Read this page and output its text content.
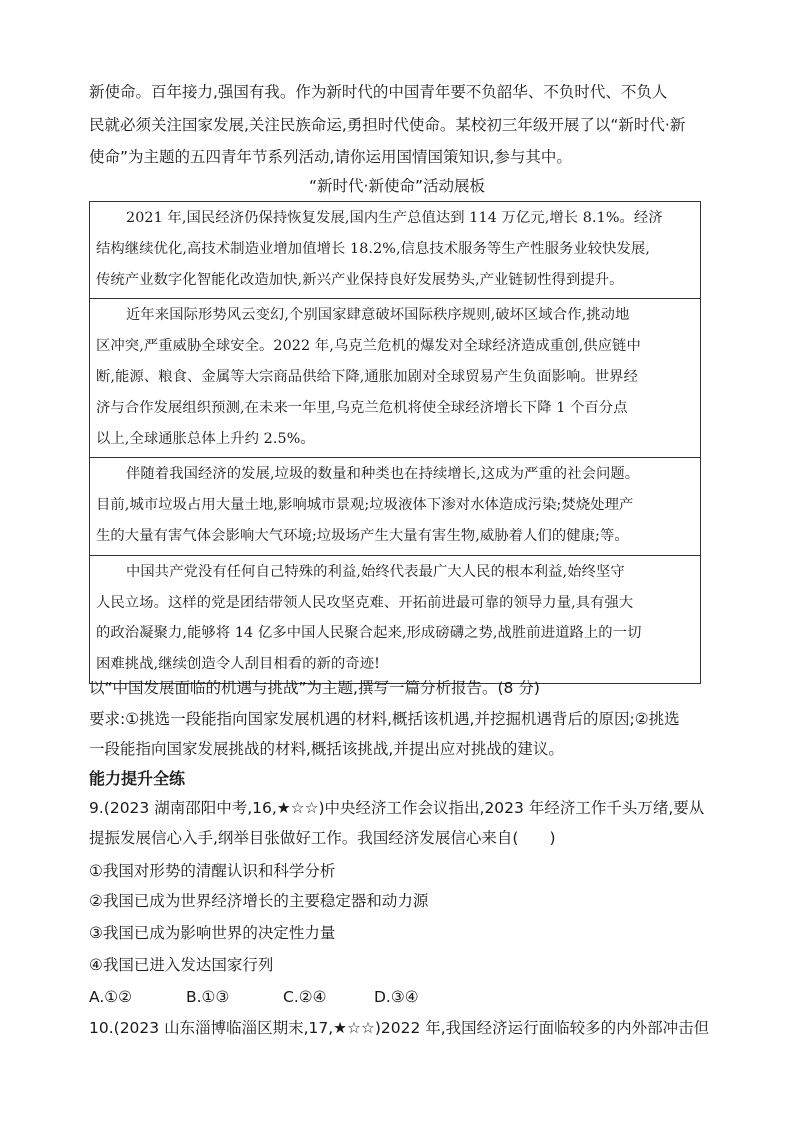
新使命。百年接力,强国有我。作为新时代的中国青年要不负韶华、不负时代、不负人
民就必须关注国家发展,关注民族命运,勇担时代使命。某校初三年级开展了以“新时代·新
使命”为主题的五四青年节系列活动,请你运用国情国策知识,参与其中。
“新时代·新使命”活动展板
2021 年,国民经济仍保持恢复发展,国内生产总值达到 114 万亿元,增长 8.1%。经济
结构继续优化,高技术制造业增加值增长 18.2%,信息技术服务等生产性服务业较快发展,
传统产业数字化智能化改造加快,新兴产业保持良好发展势头,产业链韧性得到提升。

近年来国际形势风云变幻,个别国家肆意破坏国际秩序规则,破坏区域合作,挑动地
区冲突,严重威胁全球安全。2022 年,乌克兰危机的爆发对全球经济造成重创,供应链中
断,能源、粮食、金属等大宗商品供给下降,通胀加剧对全球贸易产生负面影响。世界经
济与合作发展组织预测,在未来一年里,乌克兰危机将使全球经济增长下降 1 个百分点
以上,全球通胀总体上升约 2.5%。

伴随着我国经济的发展,垃圾的数量和种类也在持续增长,这成为严重的社会问题。
目前,城市垃圾占用大量土地,影响城市景观;垃圾液体下渗对水体造成污染;焚烧处理产
生的大量有害气体会影响大气环境;垃圾场产生大量有害生物,威胁着人们的健康;等。

中国共产党没有任何自己特殊的利益,始终代表最广大人民的根本利益,始终坚守
人民立场。这样的党是团结带领人民攻坚克难、开拓前进最可靠的领导力量,具有强大
的政治凝聚力,能够将 14 亿多中国人民聚合起来,形成磅礴之势,战胜前进道路上的一切
困难挑战,继续创造令人刮目相看的新的奇迹!
以“中国发展面临的机遇与挑战”为主题,撰写一篇分析报告。(8 分)
要求:①挑选一段能指向国家发展机遇的材料,概括该机遇,并挖掘机遇背后的原因;②挑选
一段能指向国家发展挑战的材料,概括该挑战,并提出应对挑战的建议。
能力提升全练
9.(2023 湖南邵阳中考,16,★☆☆)中央经济工作会议指出,2023 年经济工作千头万绪,要从
提振发展信心入手,纲举目张做好工作。我国经济发展信心来自(　　)
①我国对形势的清醒认识和科学分析
②我国已成为世界经济增长的主要稳定器和动力源
③我国已成为影响世界的决定性力量
④我国已进入发达国家行列
A.①②	B.①③	C.②④	D.③④
10.(2023 山东淄博临淄区期末,17,★☆☆)2022 年,我国经济运行面临较多的内外部冲击但
